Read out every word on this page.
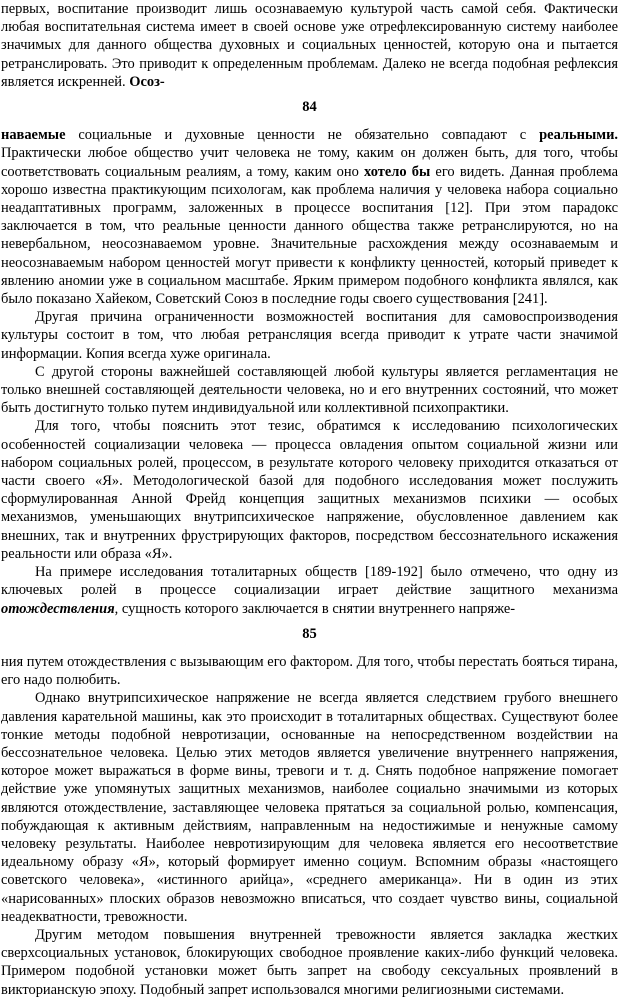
первых, воспитание производит лишь осознаваемую культурой часть самой себя. Фактически любая воспитательная система имеет в своей основе уже отрефлексированную систему наиболее значимых для данного общества духовных и социальных ценностей, которую она и пытается ретранслировать. Это приводит к определенным проблемам. Далеко не всегда подобная рефлексия является искренней. Осоз-

84

наваемые социальные и духовные ценности не обязательно совпадают с реальными. Практически любое общество учит человека не тому, каким он должен быть, для того, чтобы соответствовать социальным реалиям, а тому, каким оно хотело бы его видеть. Данная проблема хорошо известна практикующим психологам, как проблема наличия у человека набора социально неадаптативных программ, заложенных в процессе воспитания [12]. При этом парадокс заключается в том, что реальные ценности данного общества также ретранслируются, но на невербальном, неосознаваемом уровне. Значительные расхождения между осознаваемым и неосознаваемым набором ценностей могут привести к конфликту ценностей, который приведет к явлению аномии уже в социальном масштабе. Ярким примером подобного конфликта являлся, как было показано Хайеком, Советский Союз в последние годы своего существования [241].

Другая причина ограниченности возможностей воспитания для самовоспроизводения культуры состоит в том, что любая ретрансляция всегда приводит к утрате части значимой информации. Копия всегда хуже оригинала.

С другой стороны важнейшей составляющей любой культуры является регламентация не только внешней составляющей деятельности человека, но и его внутренних состояний, что может быть достигнуто только путем индивидуальной или коллективной психопрактики.

Для того, чтобы пояснить этот тезис, обратимся к исследованию психологических особенностей социализации человека — процесса овладения опытом социальной жизни или набором социальных ролей, процессом, в результате которого человеку приходится отказаться от части своего «Я». Методологической базой для подобного исследования может послужить сформулированная Анной Фрейд концепция защитных механизмов психики — особых механизмов, уменьшающих внутрипсихическое напряжение, обусловленное давлением как внешних, так и внутренних фрустрирующих факторов, посредством бессознательного искажения реальности или образа «Я».

На примере исследования тоталитарных обществ [189-192] было отмечено, что одну из ключевых ролей в процессе социализации играет действие защитного механизма отождествления, сущность которого заключается в снятии внутреннего напряже-

85

ния путем отождествления с вызывающим его фактором. Для того, чтобы перестать бояться тирана, его надо полюбить.

Однако внутрипсихическое напряжение не всегда является следствием грубого внешнего давления карательной машины, как это происходит в тоталитарных обществах. Существуют более тонкие методы подобной невротизации, основанные на непосредственном воздействии на бессознательное человека. Целью этих методов является увеличение внутреннего напряжения, которое может выражаться в форме вины, тревоги и т. д. Снять подобное напряжение помогает действие уже упомянутых защитных механизмов, наиболее социально значимыми из которых являются отождествление, заставляющее человека прятаться за социальной ролью, компенсация, побуждающая к активным действиям, направленным на недостижимые и ненужные самому человеку результаты. Наиболее невротизирующим для человека является его несоответствие идеальному образу «Я», который формирует именно социум. Вспомним образы «настоящего советского человека», «истинного арийца», «среднего американца». Ни в один из этих «нарисованных» плоских образов невозможно вписаться, что создает чувство вины, социальной неадекватности, тревожности.

Другим методом повышения внутренней тревожности является закладка жестких сверхсоциальных установок, блокирующих свободное проявление каких-либо функций человека. Примером подобной установки может быть запрет на свободу сексуальных проявлений в викторианскую эпоху. Подобный запрет использовался многими религиозными системами.
